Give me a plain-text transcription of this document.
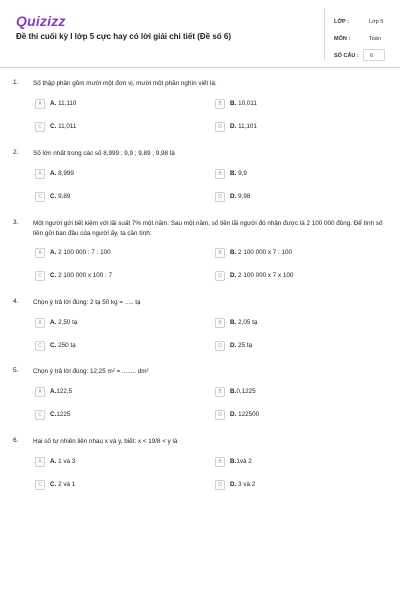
Quizizz
Đề thi cuối kỳ I lớp 5 cực hay có lời giải chi tiết (Đề số 6)
LỚP :	Lớp 5
MÔN :	Toán
SỐ CÂU :	6
1. Số thập phân gồm mười một đơn vị, mười một phần nghìn viết là:
A	A. 11,110	B	B. 10,011
C	C. 11,011	D	D. 11,101
2. Số lớn nhất trong các số 8,999 ; 9,9 ; 9,89 ; 9,98 là
A	A. 8,999	B	B. 9,9
C	C. 9,89	D	D. 9,98
3. Một người gửi tiết kiệm với lãi suất 7% một năm. Sau một năm, số tiền lãi người đó nhận được là 2 100 000 đồng. Để tính số tiền gửi ban đầu của người ấy, ta cần tính:
A	A. 2 100 000 : 7 : 100	B	B. 2 100 000 x 7 : 100
C	C. 2 100 000 x 100 : 7	D	D. 2 100 000 x 7 x 100
4. Chọn ý trả lời đúng: 2 tạ 50 kg = ..... tạ
A	A. 2,50 tạ	B	B. 2,05 tạ
C	C. 250 tạ	D	D. 25 tạ
5. Chọn ý trả lời đúng: 12,25 m² = ........ dm²
A	A.122,5	B	B.0,1225
C	C.1225	D	D. 122500
6. Hai số tự nhiên liên nhau x và y, biết: x < 19/8 < y là
A	A. 1 và 3	B	B.1và 2
C	C. 2 và 1	D	D. 3 và 2
